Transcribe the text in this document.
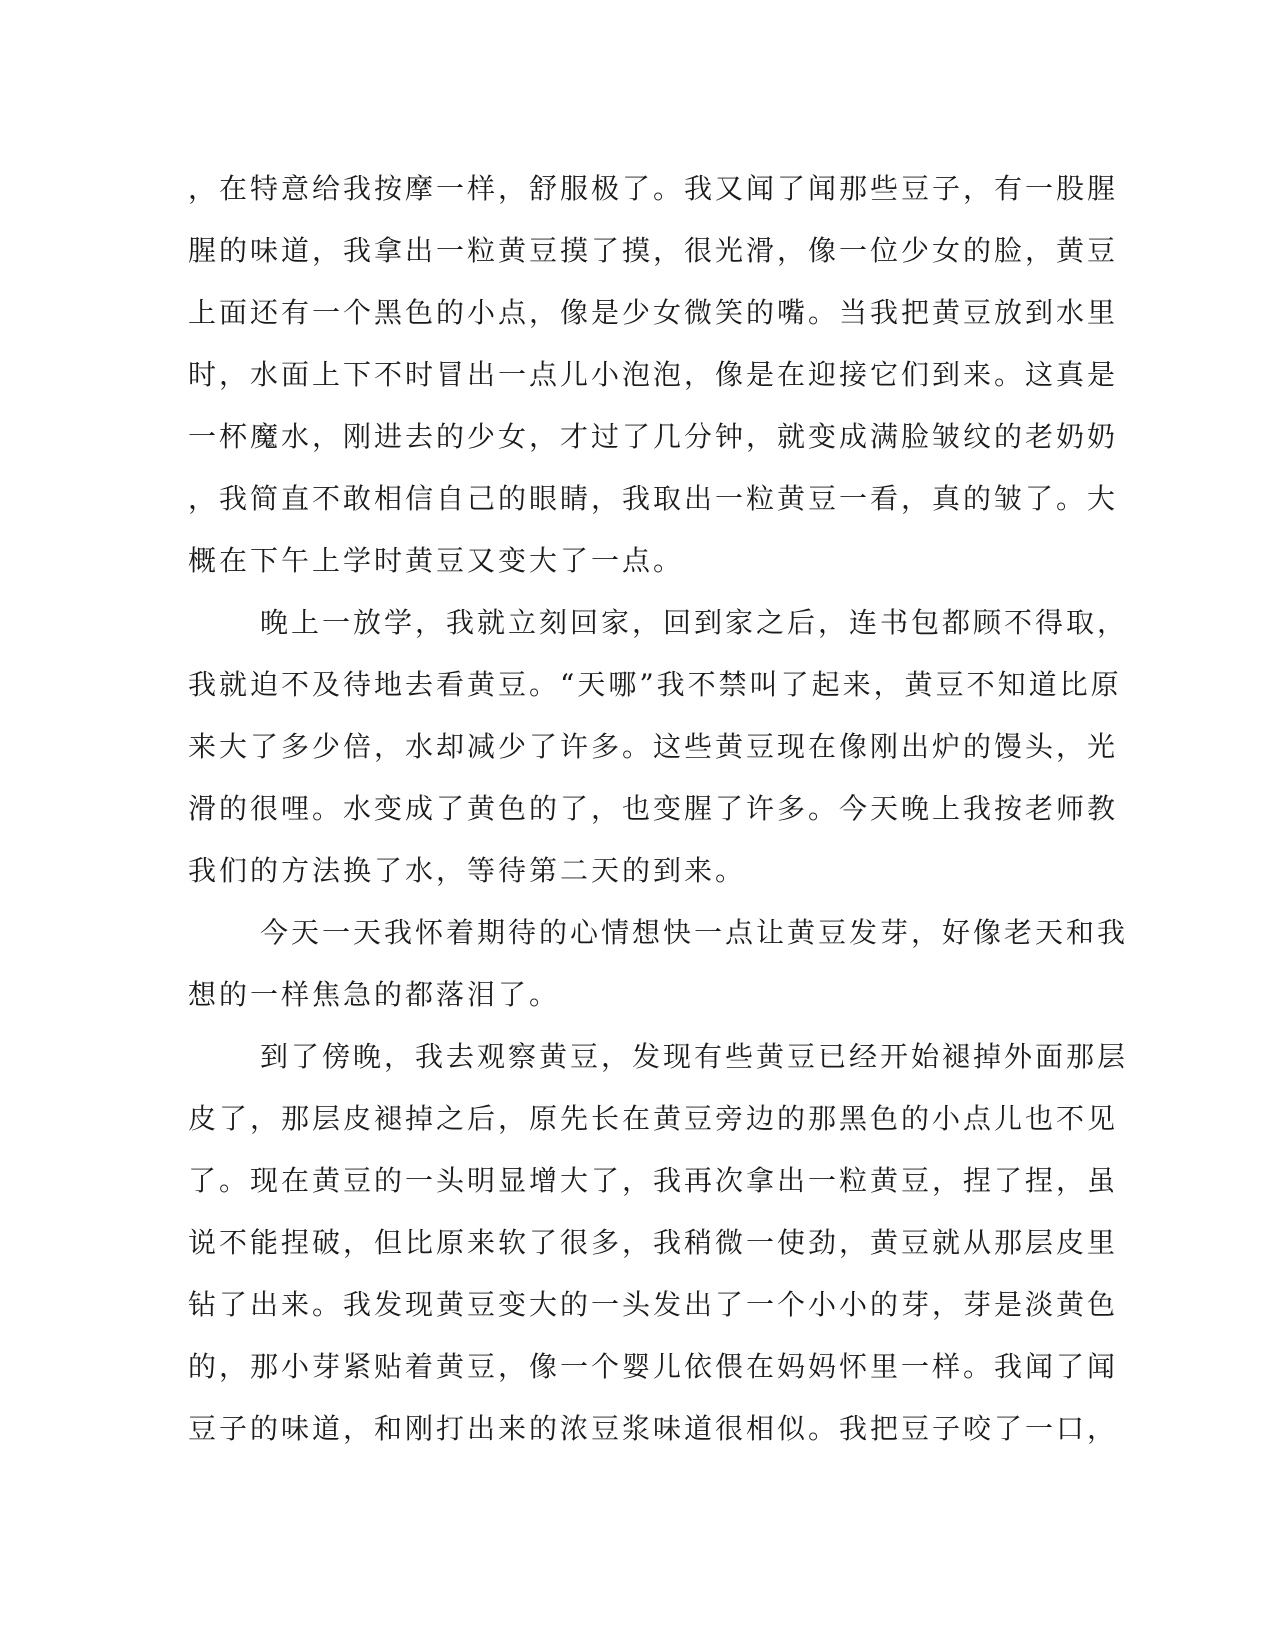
，在特意给我按摩一样，舒服极了。我又闻了闻那些豆子，有一股腥
腥的味道，我拿出一粒黄豆摸了摸，很光滑，像一位少女的脸，黄豆
上面还有一个黑色的小点，像是少女微笑的嘴。当我把黄豆放到水里
时，水面上下不时冒出一点儿小泡泡，像是在迎接它们到来。这真是
一杯魔水，刚进去的少女，才过了几分钟，就变成满脸皱纹的老奶奶
，我简直不敢相信自己的眼睛，我取出一粒黄豆一看，真的皱了。大
概在下午上学时黄豆又变大了一点。
晚上一放学，我就立刻回家，回到家之后，连书包都顾不得取，
我就迫不及待地去看黄豆。“天哪”我不禁叫了起来，黄豆不知道比原
来大了多少倍，水却减少了许多。这些黄豆现在像刚出炉的馒头，光
滑的很哩。水变成了黄色的了，也变腥了许多。今天晚上我按老师教
我们的方法换了水，等待第二天的到来。
今天一天我怀着期待的心情想快一点让黄豆发芽，好像老天和我
想的一样焦急的都落泪了。
到了傍晚，我去观察黄豆，发现有些黄豆已经开始褪掉外面那层
皮了，那层皮褪掉之后，原先长在黄豆旁边的那黑色的小点儿也不见
了。现在黄豆的一头明显增大了，我再次拿出一粒黄豆，捏了捏，虽
说不能捏破，但比原来软了很多，我稍微一使劲，黄豆就从那层皮里
钻了出来。我发现黄豆变大的一头发出了一个小小的芽，芽是淡黄色
的，那小芽紧贴着黄豆，像一个婴儿依偎在妈妈怀里一样。我闻了闻
豆子的味道，和刚打出来的浓豆浆味道很相似。我把豆子咬了一口，
